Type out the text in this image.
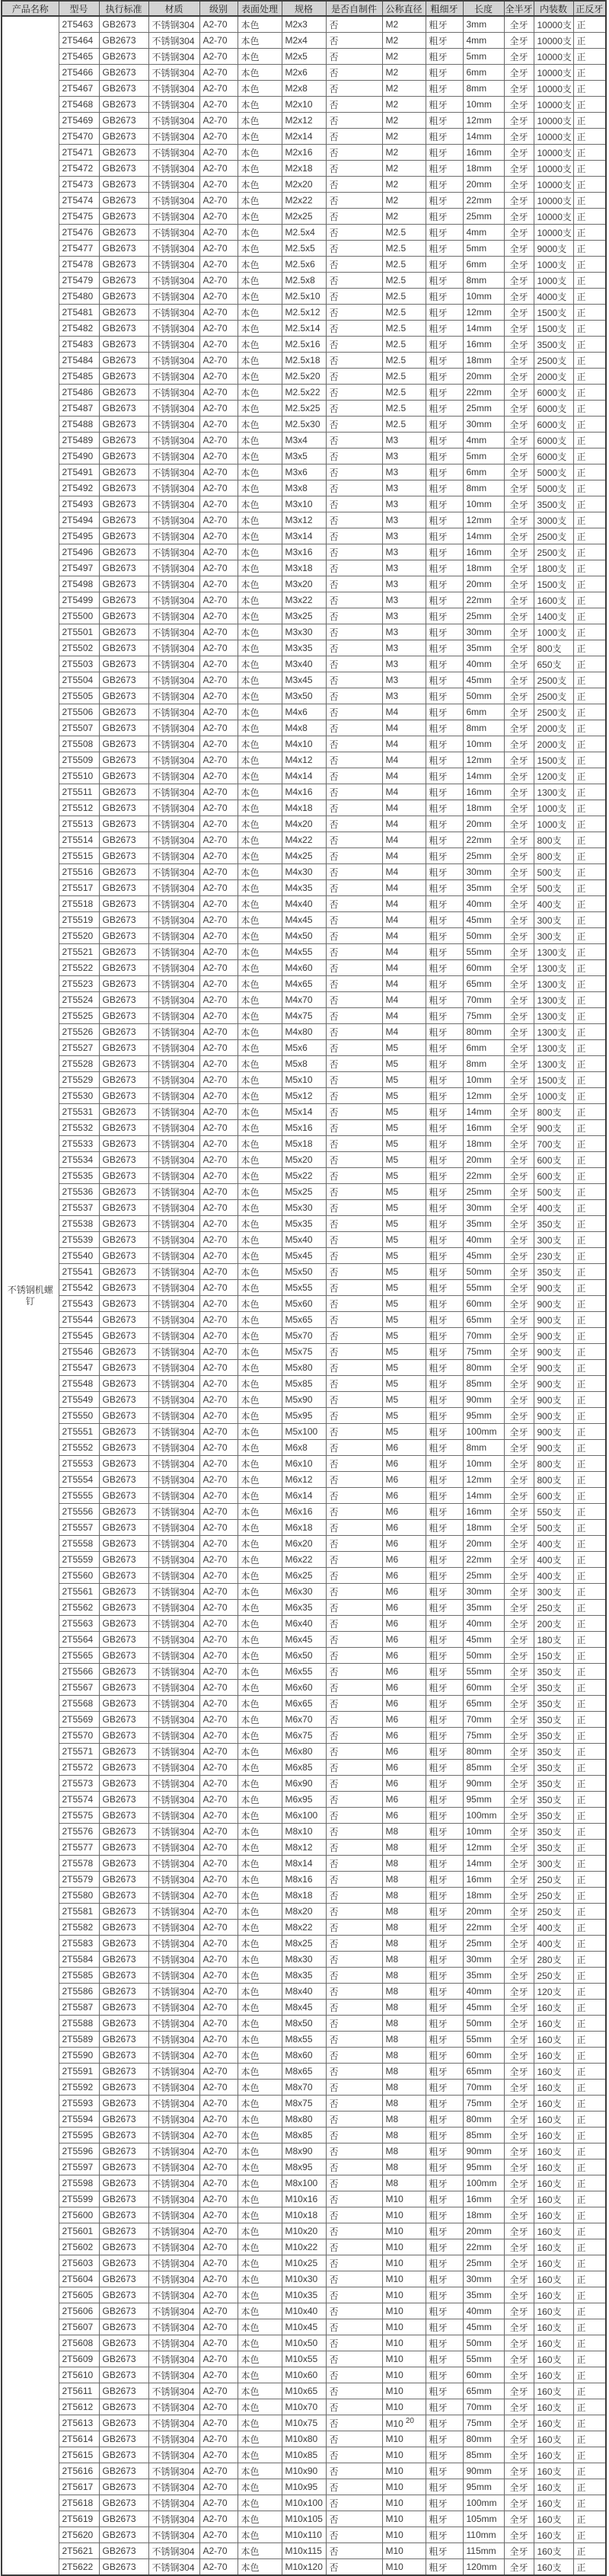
产品名称	型号	执行标准	材质	级别	表面处理	规格	是否自制件	公称直径	粗细牙	长度	全半牙	内装数	正反牙
不锈钢机螺钉	2T5463	GB2673	不锈钢304	A2-70	本色	M2x3	否	M2	粗牙	3mm	全牙	10000支	正
	2T5464	GB2673	不锈钢304	A2-70	本色	M2x4	否	M2	粗牙	4mm	全牙	10000支	正
	2T5465	GB2673	不锈钢304	A2-70	本色	M2x5	否	M2	粗牙	5mm	全牙	10000支	正
	2T5466	GB2673	不锈钢304	A2-70	本色	M2x6	否	M2	粗牙	6mm	全牙	10000支	正
	2T5467	GB2673	不锈钢304	A2-70	本色	M2x8	否	M2	粗牙	8mm	全牙	10000支	正
	2T5468	GB2673	不锈钢304	A2-70	本色	M2x10	否	M2	粗牙	10mm	全牙	10000支	正
	2T5469	GB2673	不锈钢304	A2-70	本色	M2x12	否	M2	粗牙	12mm	全牙	10000支	正
	2T5470	GB2673	不锈钢304	A2-70	本色	M2x14	否	M2	粗牙	14mm	全牙	10000支	正
	2T5471	GB2673	不锈钢304	A2-70	本色	M2x16	否	M2	粗牙	16mm	全牙	10000支	正
	2T5472	GB2673	不锈钢304	A2-70	本色	M2x18	否	M2	粗牙	18mm	全牙	10000支	正
	2T5473	GB2673	不锈钢304	A2-70	本色	M2x20	否	M2	粗牙	20mm	全牙	10000支	正
	2T5474	GB2673	不锈钢304	A2-70	本色	M2x22	否	M2	粗牙	22mm	全牙	10000支	正
	2T5475	GB2673	不锈钢304	A2-70	本色	M2x25	否	M2	粗牙	25mm	全牙	10000支	正
	2T5476	GB2673	不锈钢304	A2-70	本色	M2.5x4	否	M2.5	粗牙	4mm	全牙	10000支	正
	2T5477	GB2673	不锈钢304	A2-70	本色	M2.5x5	否	M2.5	粗牙	5mm	全牙	9000支	正
	2T5478	GB2673	不锈钢304	A2-70	本色	M2.5x6	否	M2.5	粗牙	6mm	全牙	1000支	正
	2T5479	GB2673	不锈钢304	A2-70	本色	M2.5x8	否	M2.5	粗牙	8mm	全牙	1000支	正
	2T5480	GB2673	不锈钢304	A2-70	本色	M2.5x10	否	M2.5	粗牙	10mm	全牙	4000支	正
	2T5481	GB2673	不锈钢304	A2-70	本色	M2.5x12	否	M2.5	粗牙	12mm	全牙	1500支	正
	2T5482	GB2673	不锈钢304	A2-70	本色	M2.5x14	否	M2.5	粗牙	14mm	全牙	1500支	正
	2T5483	GB2673	不锈钢304	A2-70	本色	M2.5x16	否	M2.5	粗牙	16mm	全牙	3500支	正
	2T5484	GB2673	不锈钢304	A2-70	本色	M2.5x18	否	M2.5	粗牙	18mm	全牙	2500支	正
	2T5485	GB2673	不锈钢304	A2-70	本色	M2.5x20	否	M2.5	粗牙	20mm	全牙	2000支	正
	2T5486	GB2673	不锈钢304	A2-70	本色	M2.5x22	否	M2.5	粗牙	22mm	全牙	6000支	正
	2T5487	GB2673	不锈钢304	A2-70	本色	M2.5x25	否	M2.5	粗牙	25mm	全牙	6000支	正
	2T5488	GB2673	不锈钢304	A2-70	本色	M2.5x30	否	M2.5	粗牙	30mm	全牙	6000支	正
	2T5489	GB2673	不锈钢304	A2-70	本色	M3x4	否	M3	粗牙	4mm	全牙	6000支	正
	2T5490	GB2673	不锈钢304	A2-70	本色	M3x5	否	M3	粗牙	5mm	全牙	6000支	正
	2T5491	GB2673	不锈钢304	A2-70	本色	M3x6	否	M3	粗牙	6mm	全牙	5000支	正
	2T5492	GB2673	不锈钢304	A2-70	本色	M3x8	否	M3	粗牙	8mm	全牙	5000支	正
	2T5493	GB2673	不锈钢304	A2-70	本色	M3x10	否	M3	粗牙	10mm	全牙	3500支	正
	2T5494	GB2673	不锈钢304	A2-70	本色	M3x12	否	M3	粗牙	12mm	全牙	3000支	正
	2T5495	GB2673	不锈钢304	A2-70	本色	M3x14	否	M3	粗牙	14mm	全牙	2500支	正
	2T5496	GB2673	不锈钢304	A2-70	本色	M3x16	否	M3	粗牙	16mm	全牙	2500支	正
	2T5497	GB2673	不锈钢304	A2-70	本色	M3x18	否	M3	粗牙	18mm	全牙	1800支	正
	2T5498	GB2673	不锈钢304	A2-70	本色	M3x20	否	M3	粗牙	20mm	全牙	1500支	正
	2T5499	GB2673	不锈钢304	A2-70	本色	M3x22	否	M3	粗牙	22mm	全牙	1600支	正
	2T5500	GB2673	不锈钢304	A2-70	本色	M3x25	否	M3	粗牙	25mm	全牙	1400支	正
	2T5501	GB2673	不锈钢304	A2-70	本色	M3x30	否	M3	粗牙	30mm	全牙	1000支	正
	2T5502	GB2673	不锈钢304	A2-70	本色	M3x35	否	M3	粗牙	35mm	全牙	800支	正
	2T5503	GB2673	不锈钢304	A2-70	本色	M3x40	否	M3	粗牙	40mm	全牙	650支	正
	2T5504	GB2673	不锈钢304	A2-70	本色	M3x45	否	M3	粗牙	45mm	全牙	2500支	正
	2T5505	GB2673	不锈钢304	A2-70	本色	M3x50	否	M3	粗牙	50mm	全牙	2500支	正
	2T5506	GB2673	不锈钢304	A2-70	本色	M4x6	否	M4	粗牙	6mm	全牙	2500支	正
	2T5507	GB2673	不锈钢304	A2-70	本色	M4x8	否	M4	粗牙	8mm	全牙	2000支	正
	2T5508	GB2673	不锈钢304	A2-70	本色	M4x10	否	M4	粗牙	10mm	全牙	2000支	正
	2T5509	GB2673	不锈钢304	A2-70	本色	M4x12	否	M4	粗牙	12mm	全牙	1500支	正
	2T5510	GB2673	不锈钢304	A2-70	本色	M4x14	否	M4	粗牙	14mm	全牙	1200支	正
	2T5511	GB2673	不锈钢304	A2-70	本色	M4x16	否	M4	粗牙	16mm	全牙	1300支	正
	2T5512	GB2673	不锈钢304	A2-70	本色	M4x18	否	M4	粗牙	18mm	全牙	1000支	正
	2T5513	GB2673	不锈钢304	A2-70	本色	M4x20	否	M4	粗牙	20mm	全牙	1000支	正
	2T5514	GB2673	不锈钢304	A2-70	本色	M4x22	否	M4	粗牙	22mm	全牙	800支	正
	2T5515	GB2673	不锈钢304	A2-70	本色	M4x25	否	M4	粗牙	25mm	全牙	800支	正
	2T5516	GB2673	不锈钢304	A2-70	本色	M4x30	否	M4	粗牙	30mm	全牙	500支	正
	2T5517	GB2673	不锈钢304	A2-70	本色	M4x35	否	M4	粗牙	35mm	全牙	500支	正
	2T5518	GB2673	不锈钢304	A2-70	本色	M4x40	否	M4	粗牙	40mm	全牙	400支	正
	2T5519	GB2673	不锈钢304	A2-70	本色	M4x45	否	M4	粗牙	45mm	全牙	300支	正
	2T5520	GB2673	不锈钢304	A2-70	本色	M4x50	否	M4	粗牙	50mm	全牙	300支	正
	2T5521	GB2673	不锈钢304	A2-70	本色	M4x55	否	M4	粗牙	55mm	全牙	1300支	正
	2T5522	GB2673	不锈钢304	A2-70	本色	M4x60	否	M4	粗牙	60mm	全牙	1300支	正
	2T5523	GB2673	不锈钢304	A2-70	本色	M4x65	否	M4	粗牙	65mm	全牙	1300支	正
	2T5524	GB2673	不锈钢304	A2-70	本色	M4x70	否	M4	粗牙	70mm	全牙	1300支	正
	2T5525	GB2673	不锈钢304	A2-70	本色	M4x75	否	M4	粗牙	75mm	全牙	1300支	正
	2T5526	GB2673	不锈钢304	A2-70	本色	M4x80	否	M4	粗牙	80mm	全牙	1300支	正
	2T5527	GB2673	不锈钢304	A2-70	本色	M5x6	否	M5	粗牙	6mm	全牙	1300支	正
	2T5528	GB2673	不锈钢304	A2-70	本色	M5x8	否	M5	粗牙	8mm	全牙	1300支	正
	2T5529	GB2673	不锈钢304	A2-70	本色	M5x10	否	M5	粗牙	10mm	全牙	1500支	正
	2T5530	GB2673	不锈钢304	A2-70	本色	M5x12	否	M5	粗牙	12mm	全牙	1000支	正
	2T5531	GB2673	不锈钢304	A2-70	本色	M5x14	否	M5	粗牙	14mm	全牙	800支	正
	2T5532	GB2673	不锈钢304	A2-70	本色	M5x16	否	M5	粗牙	16mm	全牙	900支	正
	2T5533	GB2673	不锈钢304	A2-70	本色	M5x18	否	M5	粗牙	18mm	全牙	700支	正
	2T5534	GB2673	不锈钢304	A2-70	本色	M5x20	否	M5	粗牙	20mm	全牙	600支	正
	2T5535	GB2673	不锈钢304	A2-70	本色	M5x22	否	M5	粗牙	22mm	全牙	600支	正
	2T5536	GB2673	不锈钢304	A2-70	本色	M5x25	否	M5	粗牙	25mm	全牙	500支	正
	2T5537	GB2673	不锈钢304	A2-70	本色	M5x30	否	M5	粗牙	30mm	全牙	400支	正
	2T5538	GB2673	不锈钢304	A2-70	本色	M5x35	否	M5	粗牙	35mm	全牙	350支	正
	2T5539	GB2673	不锈钢304	A2-70	本色	M5x40	否	M5	粗牙	40mm	全牙	300支	正
	2T5540	GB2673	不锈钢304	A2-70	本色	M5x45	否	M5	粗牙	45mm	全牙	230支	正
	2T5541	GB2673	不锈钢304	A2-70	本色	M5x50	否	M5	粗牙	50mm	全牙	350支	正
	2T5542	GB2673	不锈钢304	A2-70	本色	M5x55	否	M5	粗牙	55mm	全牙	900支	正
	2T5543	GB2673	不锈钢304	A2-70	本色	M5x60	否	M5	粗牙	60mm	全牙	900支	正
	2T5544	GB2673	不锈钢304	A2-70	本色	M5x65	否	M5	粗牙	65mm	全牙	900支	正
	2T5545	GB2673	不锈钢304	A2-70	本色	M5x70	否	M5	粗牙	70mm	全牙	900支	正
	2T5546	GB2673	不锈钢304	A2-70	本色	M5x75	否	M5	粗牙	75mm	全牙	900支	正
	2T5547	GB2673	不锈钢304	A2-70	本色	M5x80	否	M5	粗牙	80mm	全牙	900支	正
	2T5548	GB2673	不锈钢304	A2-70	本色	M5x85	否	M5	粗牙	85mm	全牙	900支	正
	2T5549	GB2673	不锈钢304	A2-70	本色	M5x90	否	M5	粗牙	90mm	全牙	900支	正
	2T5550	GB2673	不锈钢304	A2-70	本色	M5x95	否	M5	粗牙	95mm	全牙	900支	正
	2T5551	GB2673	不锈钢304	A2-70	本色	M5x100	否	M5	粗牙	100mm	全牙	900支	正
	2T5552	GB2673	不锈钢304	A2-70	本色	M6x8	否	M6	粗牙	8mm	全牙	900支	正
	2T5553	GB2673	不锈钢304	A2-70	本色	M6x10	否	M6	粗牙	10mm	全牙	800支	正
	2T5554	GB2673	不锈钢304	A2-70	本色	M6x12	否	M6	粗牙	12mm	全牙	800支	正
	2T5555	GB2673	不锈钢304	A2-70	本色	M6x14	否	M6	粗牙	14mm	全牙	600支	正
	2T5556	GB2673	不锈钢304	A2-70	本色	M6x16	否	M6	粗牙	16mm	全牙	550支	正
	2T5557	GB2673	不锈钢304	A2-70	本色	M6x18	否	M6	粗牙	18mm	全牙	500支	正
	2T5558	GB2673	不锈钢304	A2-70	本色	M6x20	否	M6	粗牙	20mm	全牙	400支	正
	2T5559	GB2673	不锈钢304	A2-70	本色	M6x22	否	M6	粗牙	22mm	全牙	400支	正
	2T5560	GB2673	不锈钢304	A2-70	本色	M6x25	否	M6	粗牙	25mm	全牙	400支	正
	2T5561	GB2673	不锈钢304	A2-70	本色	M6x30	否	M6	粗牙	30mm	全牙	300支	正
	2T5562	GB2673	不锈钢304	A2-70	本色	M6x35	否	M6	粗牙	35mm	全牙	250支	正
	2T5563	GB2673	不锈钢304	A2-70	本色	M6x40	否	M6	粗牙	40mm	全牙	200支	正
	2T5564	GB2673	不锈钢304	A2-70	本色	M6x45	否	M6	粗牙	45mm	全牙	180支	正
	2T5565	GB2673	不锈钢304	A2-70	本色	M6x50	否	M6	粗牙	50mm	全牙	150支	正
	2T5566	GB2673	不锈钢304	A2-70	本色	M6x55	否	M6	粗牙	55mm	全牙	350支	正
	2T5567	GB2673	不锈钢304	A2-70	本色	M6x60	否	M6	粗牙	60mm	全牙	350支	正
	2T5568	GB2673	不锈钢304	A2-70	本色	M6x65	否	M6	粗牙	65mm	全牙	350支	正
	2T5569	GB2673	不锈钢304	A2-70	本色	M6x70	否	M6	粗牙	70mm	全牙	350支	正
	2T5570	GB2673	不锈钢304	A2-70	本色	M6x75	否	M6	粗牙	75mm	全牙	350支	正
	2T5571	GB2673	不锈钢304	A2-70	本色	M6x80	否	M6	粗牙	80mm	全牙	350支	正
	2T5572	GB2673	不锈钢304	A2-70	本色	M6x85	否	M6	粗牙	85mm	全牙	350支	正
	2T5573	GB2673	不锈钢304	A2-70	本色	M6x90	否	M6	粗牙	90mm	全牙	350支	正
	2T5574	GB2673	不锈钢304	A2-70	本色	M6x95	否	M6	粗牙	95mm	全牙	350支	正
	2T5575	GB2673	不锈钢304	A2-70	本色	M6x100	否	M6	粗牙	100mm	全牙	350支	正
	2T5576	GB2673	不锈钢304	A2-70	本色	M8x10	否	M8	粗牙	10mm	全牙	350支	正
	2T5577	GB2673	不锈钢304	A2-70	本色	M8x12	否	M8	粗牙	12mm	全牙	350支	正
	2T5578	GB2673	不锈钢304	A2-70	本色	M8x14	否	M8	粗牙	14mm	全牙	300支	正
	2T5579	GB2673	不锈钢304	A2-70	本色	M8x16	否	M8	粗牙	16mm	全牙	250支	正
	2T5580	GB2673	不锈钢304	A2-70	本色	M8x18	否	M8	粗牙	18mm	全牙	250支	正
	2T5581	GB2673	不锈钢304	A2-70	本色	M8x20	否	M8	粗牙	20mm	全牙	250支	正
	2T5582	GB2673	不锈钢304	A2-70	本色	M8x22	否	M8	粗牙	22mm	全牙	400支	正
	2T5583	GB2673	不锈钢304	A2-70	本色	M8x25	否	M8	粗牙	25mm	全牙	400支	正
	2T5584	GB2673	不锈钢304	A2-70	本色	M8x30	否	M8	粗牙	30mm	全牙	280支	正
	2T5585	GB2673	不锈钢304	A2-70	本色	M8x35	否	M8	粗牙	35mm	全牙	250支	正
	2T5586	GB2673	不锈钢304	A2-70	本色	M8x40	否	M8	粗牙	40mm	全牙	120支	正
	2T5587	GB2673	不锈钢304	A2-70	本色	M8x45	否	M8	粗牙	45mm	全牙	160支	正
	2T5588	GB2673	不锈钢304	A2-70	本色	M8x50	否	M8	粗牙	50mm	全牙	160支	正
	2T5589	GB2673	不锈钢304	A2-70	本色	M8x55	否	M8	粗牙	55mm	全牙	160支	正
	2T5590	GB2673	不锈钢304	A2-70	本色	M8x60	否	M8	粗牙	60mm	全牙	160支	正
	2T5591	GB2673	不锈钢304	A2-70	本色	M8x65	否	M8	粗牙	65mm	全牙	160支	正
	2T5592	GB2673	不锈钢304	A2-70	本色	M8x70	否	M8	粗牙	70mm	全牙	160支	正
	2T5593	GB2673	不锈钢304	A2-70	本色	M8x75	否	M8	粗牙	75mm	全牙	160支	正
	2T5594	GB2673	不锈钢304	A2-70	本色	M8x80	否	M8	粗牙	80mm	全牙	160支	正
	2T5595	GB2673	不锈钢304	A2-70	本色	M8x85	否	M8	粗牙	85mm	全牙	160支	正
	2T5596	GB2673	不锈钢304	A2-70	本色	M8x90	否	M8	粗牙	90mm	全牙	160支	正
	2T5597	GB2673	不锈钢304	A2-70	本色	M8x95	否	M8	粗牙	95mm	全牙	160支	正
	2T5598	GB2673	不锈钢304	A2-70	本色	M8x100	否	M8	粗牙	100mm	全牙	160支	正
	2T5599	GB2673	不锈钢304	A2-70	本色	M10x16	否	M10	粗牙	16mm	全牙	160支	正
	2T5600	GB2673	不锈钢304	A2-70	本色	M10x18	否	M10	粗牙	18mm	全牙	160支	正
	2T5601	GB2673	不锈钢304	A2-70	本色	M10x20	否	M10	粗牙	20mm	全牙	160支	正
	2T5602	GB2673	不锈钢304	A2-70	本色	M10x22	否	M10	粗牙	22mm	全牙	160支	正
	2T5603	GB2673	不锈钢304	A2-70	本色	M10x25	否	M10	粗牙	25mm	全牙	160支	正
	2T5604	GB2673	不锈钢304	A2-70	本色	M10x30	否	M10	粗牙	30mm	全牙	160支	正
	2T5605	GB2673	不锈钢304	A2-70	本色	M10x35	否	M10	粗牙	35mm	全牙	160支	正
	2T5606	GB2673	不锈钢304	A2-70	本色	M10x40	否	M10	粗牙	40mm	全牙	160支	正
	2T5607	GB2673	不锈钢304	A2-70	本色	M10x45	否	M10	粗牙	45mm	全牙	160支	正
	2T5608	GB2673	不锈钢304	A2-70	本色	M10x50	否	M10	粗牙	50mm	全牙	160支	正
	2T5609	GB2673	不锈钢304	A2-70	本色	M10x55	否	M10	粗牙	55mm	全牙	160支	正
	2T5610	GB2673	不锈钢304	A2-70	本色	M10x60	否	M10	粗牙	60mm	全牙	160支	正
	2T5611	GB2673	不锈钢304	A2-70	本色	M10x65	否	M10	粗牙	65mm	全牙	160支	正
	2T5612	GB2673	不锈钢304	A2-70	本色	M10x70	否	M10	粗牙	70mm	全牙	160支	正
	2T5613	GB2673	不锈钢304	A2-70	本色	M10x75	否	M10 $^{20}$	粗牙	75mm	全牙	160支	正
	2T5614	GB2673	不锈钢304	A2-70	本色	M10x80	否	M10	粗牙	80mm	全牙	160支	正
	2T5615	GB2673	不锈钢304	A2-70	本色	M10x85	否	M10	粗牙	85mm	全牙	160支	正
	2T5616	GB2673	不锈钢304	A2-70	本色	M10x90	否	M10	粗牙	90mm	全牙	160支	正
	2T5617	GB2673	不锈钢304	A2-70	本色	M10x95	否	M10	粗牙	95mm	全牙	160支	正
	2T5618	GB2673	不锈钢304	A2-70	本色	M10x100	否	M10	粗牙	100mm	全牙	160支	正
	2T5619	GB2673	不锈钢304	A2-70	本色	M10x105	否	M10	粗牙	105mm	全牙	160支	正
	2T5620	GB2673	不锈钢304	A2-70	本色	M10x110	否	M10	粗牙	110mm	全牙	160支	正
	2T5621	GB2673	不锈钢304	A2-70	本色	M10x115	否	M10	粗牙	115mm	全牙	160支	正
	2T5622	GB2673	不锈钢304	A2-70	本色	M10x120	否	M10	粗牙	120mm	全牙	160支	正
